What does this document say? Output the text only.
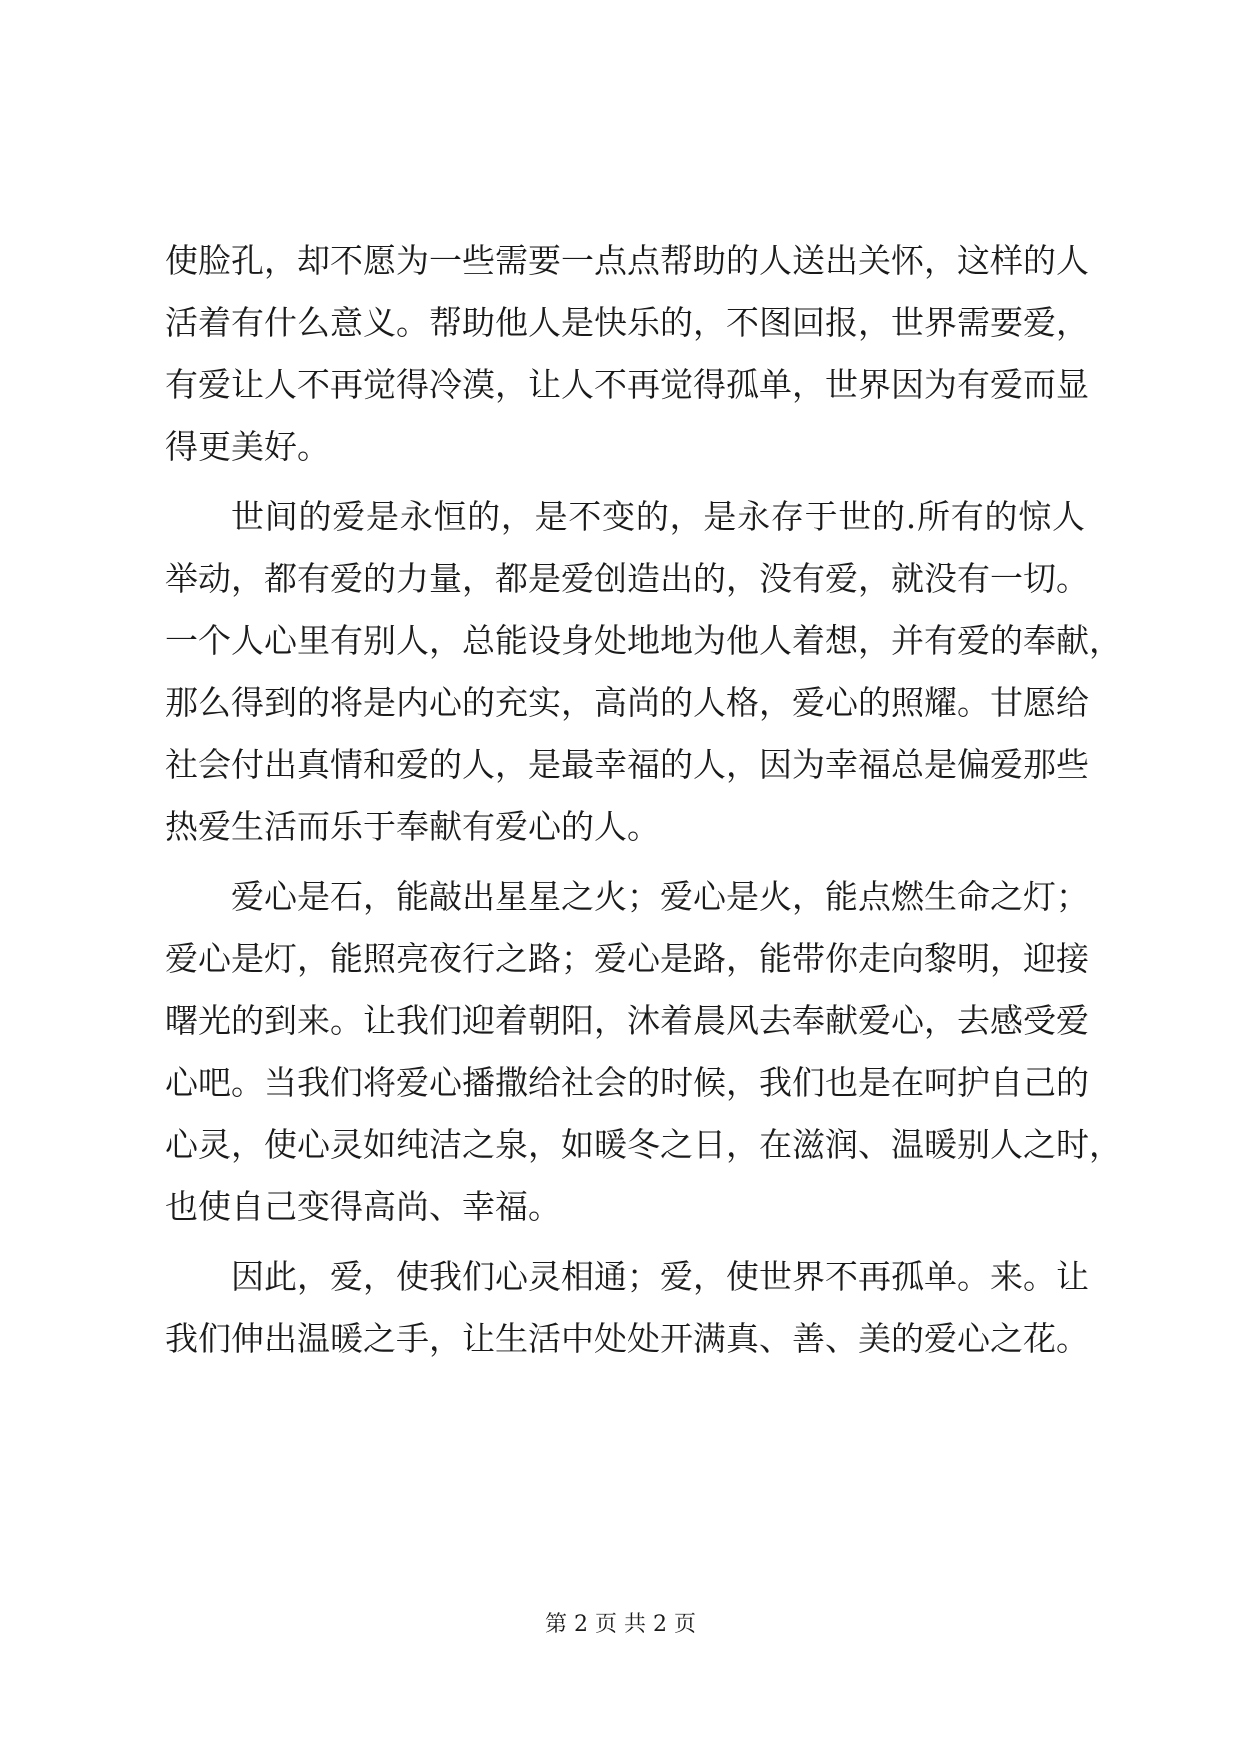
使脸孔，却不愿为一些需要一点点帮助的人送出关怀，这样的人
活着有什么意义。帮助他人是快乐的，不图回报，世界需要爱，
有爱让人不再觉得冷漠，让人不再觉得孤单，世界因为有爱而显
得更美好。
世间的爱是永恒的，是不变的，是永存于世的.所有的惊人
举动，都有爱的力量，都是爱创造出的，没有爱，就没有一切。
一个人心里有别人，总能设身处地地为他人着想，并有爱的奉献，
那么得到的将是内心的充实，高尚的人格，爱心的照耀。甘愿给
社会付出真情和爱的人，是最幸福的人，因为幸福总是偏爱那些
热爱生活而乐于奉献有爱心的人。
爱心是石，能敲出星星之火；爱心是火，能点燃生命之灯；
爱心是灯，能照亮夜行之路；爱心是路，能带你走向黎明，迎接
曙光的到来。让我们迎着朝阳，沐着晨风去奉献爱心，去感受爱
心吧。当我们将爱心播撒给社会的时候，我们也是在呵护自己的
心灵，使心灵如纯洁之泉，如暖冬之日，在滋润、温暖别人之时，
也使自己变得高尚、幸福。
因此，爱，使我们心灵相通；爱，使世界不再孤单。来。让
我们伸出温暖之手，让生活中处处开满真、善、美的爱心之花。
第 2 页 共 2 页
